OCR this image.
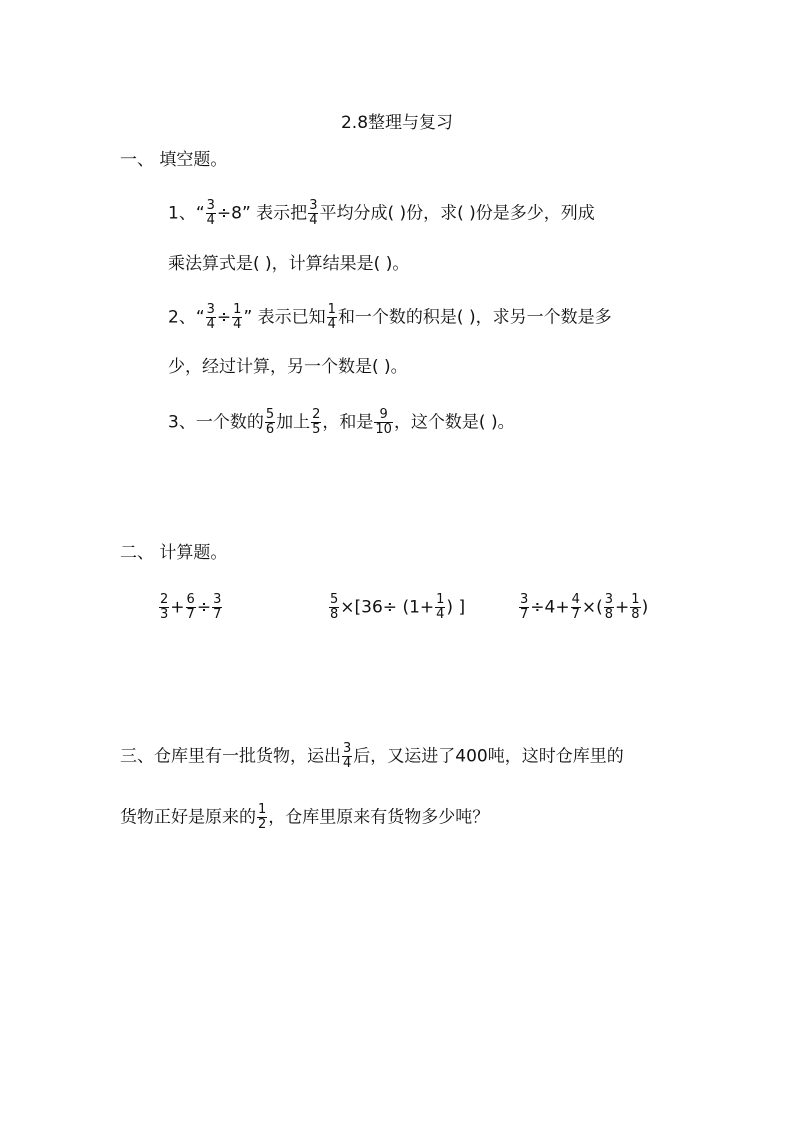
2.8整理与复习
一、 填空题。
1、“ $\frac{3}{4} \div 8$” 表示把 $\frac{3}{4}$ 平均分成( )份，求( )份是多少，列成
乘法算式是( )，计算结果是( )。
2、“ $\frac{3}{4} \div \frac{1}{4}$ ” 表示已知 $\frac{1}{4}$ 和一个数的积是( )，求另一个数是多
少，经过计算，另一个数是( )。
3、一个数的 $\frac{5}{6}$ 加上 $\frac{2}{5}$ ，和是 $\frac{9}{10}$ ，这个数是( )。
二、 计算题。
$\frac{2}{3} + \frac{6}{7} \div \frac{3}{7}$	$\frac{5}{8} \times[36\div (1+ \frac{1}{4}$ ) ]	$\frac{3}{7} \div 4+ \frac{4}{7}$ ×( $\frac{3}{8} + \frac{1}{8}$ )
三、仓库里有一批货物，运出 $\frac{3}{4}$ 后，又运进了400吨，这时仓库里的
货物正好是原来的 $\frac{1}{2}$ ，仓库里原来有货物多少吨？
